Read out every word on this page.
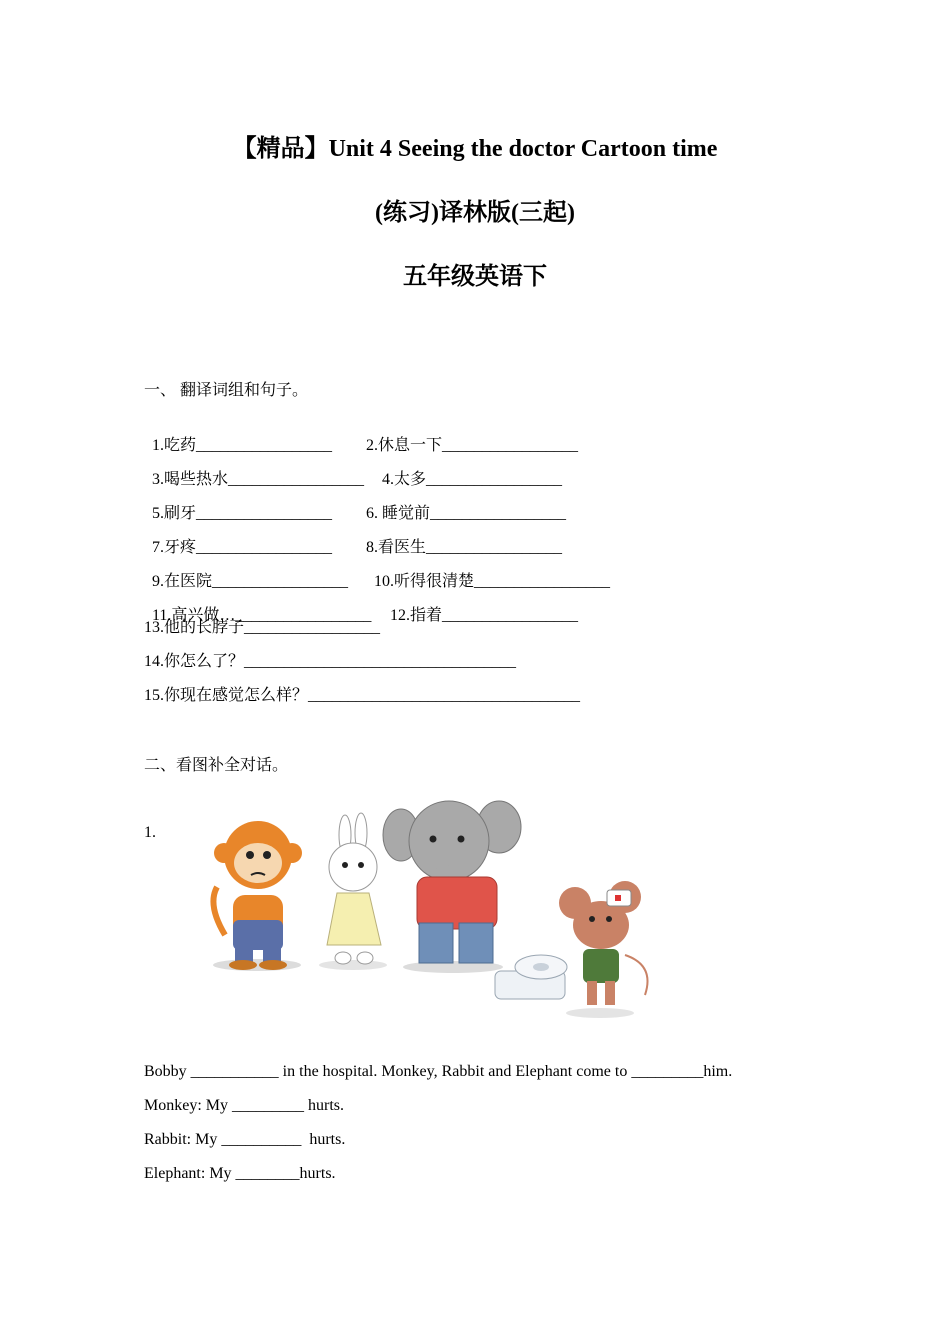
【精品】Unit 4 Seeing the doctor Cartoon time
(练习)译林版(三起)
五年级英语下
一、 翻译词组和句子。

1.吃药_________________ 2.休息一下_________________

3.喝些热水_________________ 4.太多_________________

5.刷牙_________________ 6. 睡觉前_________________

7.牙疼_________________ 8.看医生_________________

9.在医院_________________ 10.听得很清楚_________________

11.高兴做…_________________ 12.指着_________________

13.他的长脖子_________________
14.你怎么了？__________________________________
15.你现在感觉怎么样？__________________________________
二、看图补全对话。
1.
Bobby ___________ in the hospital. Monkey, Rabbit and Elephant come to _________him.
Monkey: My _________ hurts.
Rabbit: My __________  hurts.
Elephant: My ________hurts.
